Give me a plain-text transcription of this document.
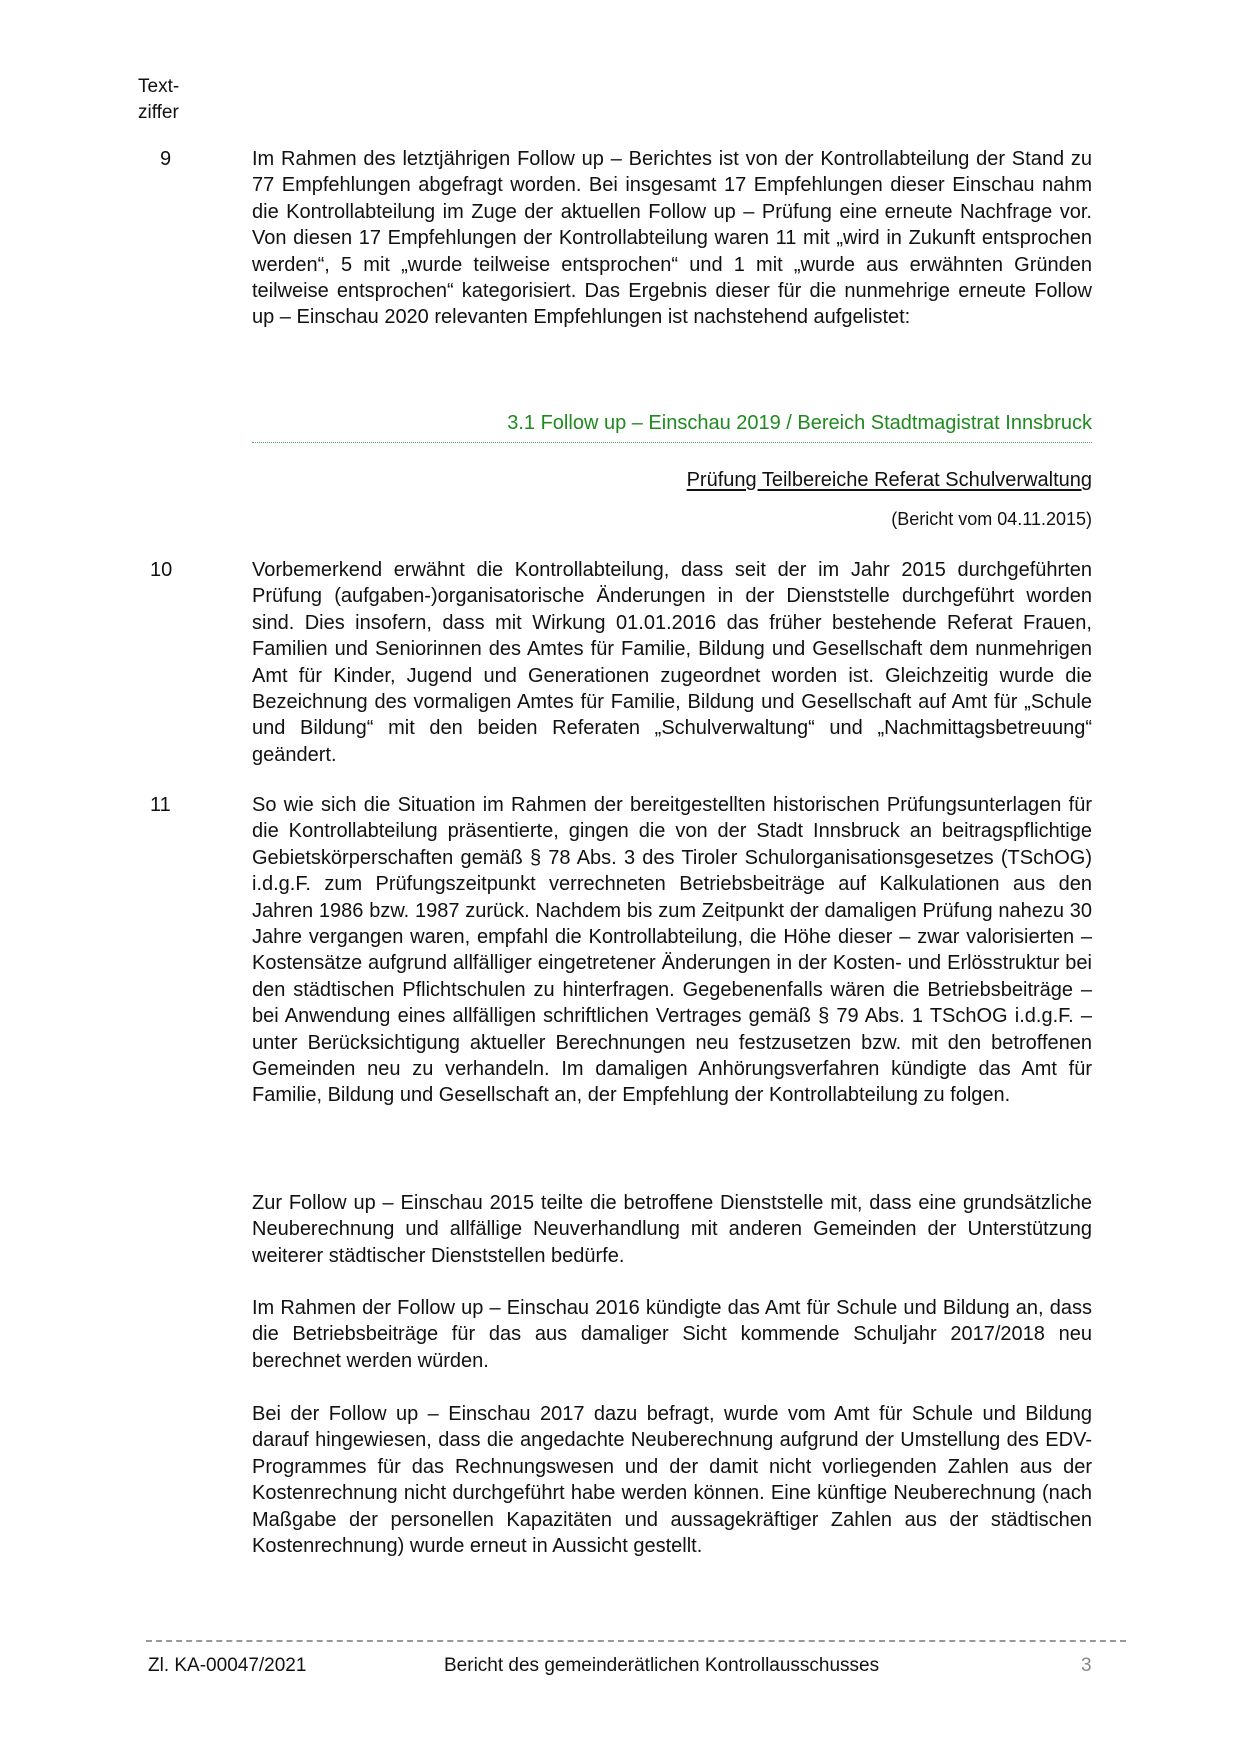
Text-
ziffer
9	Im Rahmen des letztjährigen Follow up – Berichtes ist von der Kontrollabteilung der Stand zu 77 Empfehlungen abgefragt worden. Bei insgesamt 17 Empfehlungen dieser Einschau nahm die Kontrollabteilung im Zuge der aktuellen Follow up – Prüfung eine erneute Nachfrage vor. Von diesen 17 Empfehlungen der Kontrollabteilung waren 11 mit „wird in Zukunft entsprochen werden“, 5 mit „wurde teilweise entsprochen“ und 1 mit „wurde aus erwähnten Gründen teilweise entsprochen“ kategorisiert. Das Ergebnis dieser für die nunmehrige erneute Follow up – Einschau 2020 relevanten Empfehlungen ist nachstehend aufgelistet:
3.1 Follow up – Einschau 2019 / Bereich Stadtmagistrat Innsbruck
Prüfung Teilbereiche Referat Schulverwaltung
(Bericht vom 04.11.2015)
10	Vorbemerkend erwähnt die Kontrollabteilung, dass seit der im Jahr 2015 durchgeführten Prüfung (aufgaben-)organisatorische Änderungen in der Dienststelle durchgeführt worden sind. Dies insofern, dass mit Wirkung 01.01.2016 das früher bestehende Referat Frauen, Familien und Seniorinnen des Amtes für Familie, Bildung und Gesellschaft dem nunmehrigen Amt für Kinder, Jugend und Generationen zugeordnet worden ist. Gleichzeitig wurde die Bezeichnung des vormaligen Amtes für Familie, Bildung und Gesellschaft auf Amt für „Schule und Bildung“ mit den beiden Referaten „Schulverwaltung“ und „Nachmittagsbetreuung“ geändert.
11	So wie sich die Situation im Rahmen der bereitgestellten historischen Prüfungsunterlagen für die Kontrollabteilung präsentierte, gingen die von der Stadt Innsbruck an beitragspflichtige Gebietskörperschaften gemäß § 78 Abs. 3 des Tiroler Schulorganisationsgesetzes (TSchOG) i.d.g.F. zum Prüfungszeitpunkt verrechneten Betriebsbeiträge auf Kalkulationen aus den Jahren 1986 bzw. 1987 zurück. Nachdem bis zum Zeitpunkt der damaligen Prüfung nahezu 30 Jahre vergangen waren, empfahl die Kontrollabteilung, die Höhe dieser – zwar valorisierten – Kostensätze aufgrund allfälliger eingetretener Änderungen in der Kosten- und Erlösstruktur bei den städtischen Pflichtschulen zu hinterfragen. Gegebenenfalls wären die Betriebsbeiträge – bei Anwendung eines allfälligen schriftlichen Vertrages gemäß § 79 Abs. 1 TSchOG i.d.g.F. – unter Berücksichtigung aktueller Berechnungen neu festzusetzen bzw. mit den betroffenen Gemeinden neu zu verhandeln. Im damaligen Anhörungsverfahren kündigte das Amt für Familie, Bildung und Gesellschaft an, der Empfehlung der Kontrollabteilung zu folgen.
Zur Follow up – Einschau 2015 teilte die betroffene Dienststelle mit, dass eine grundsätzliche Neuberechnung und allfällige Neuverhandlung mit anderen Gemeinden der Unterstützung weiterer städtischer Dienststellen bedürfe.
Im Rahmen der Follow up – Einschau 2016 kündigte das Amt für Schule und Bildung an, dass die Betriebsbeiträge für das aus damaliger Sicht kommende Schuljahr 2017/2018 neu berechnet werden würden.
Bei der Follow up – Einschau 2017 dazu befragt, wurde vom Amt für Schule und Bildung darauf hingewiesen, dass die angedachte Neuberechnung aufgrund der Umstellung des EDV-Programmes für das Rechnungswesen und der damit nicht vorliegenden Zahlen aus der Kostenrechnung nicht durchgeführt habe werden können. Eine künftige Neuberechnung (nach Maßgabe der personellen Kapazitäten und aussagekräftiger Zahlen aus der städtischen Kostenrechnung) wurde erneut in Aussicht gestellt.
Zl. KA-00047/2021	Bericht des gemeinderätlichen Kontrollausschusses	3
